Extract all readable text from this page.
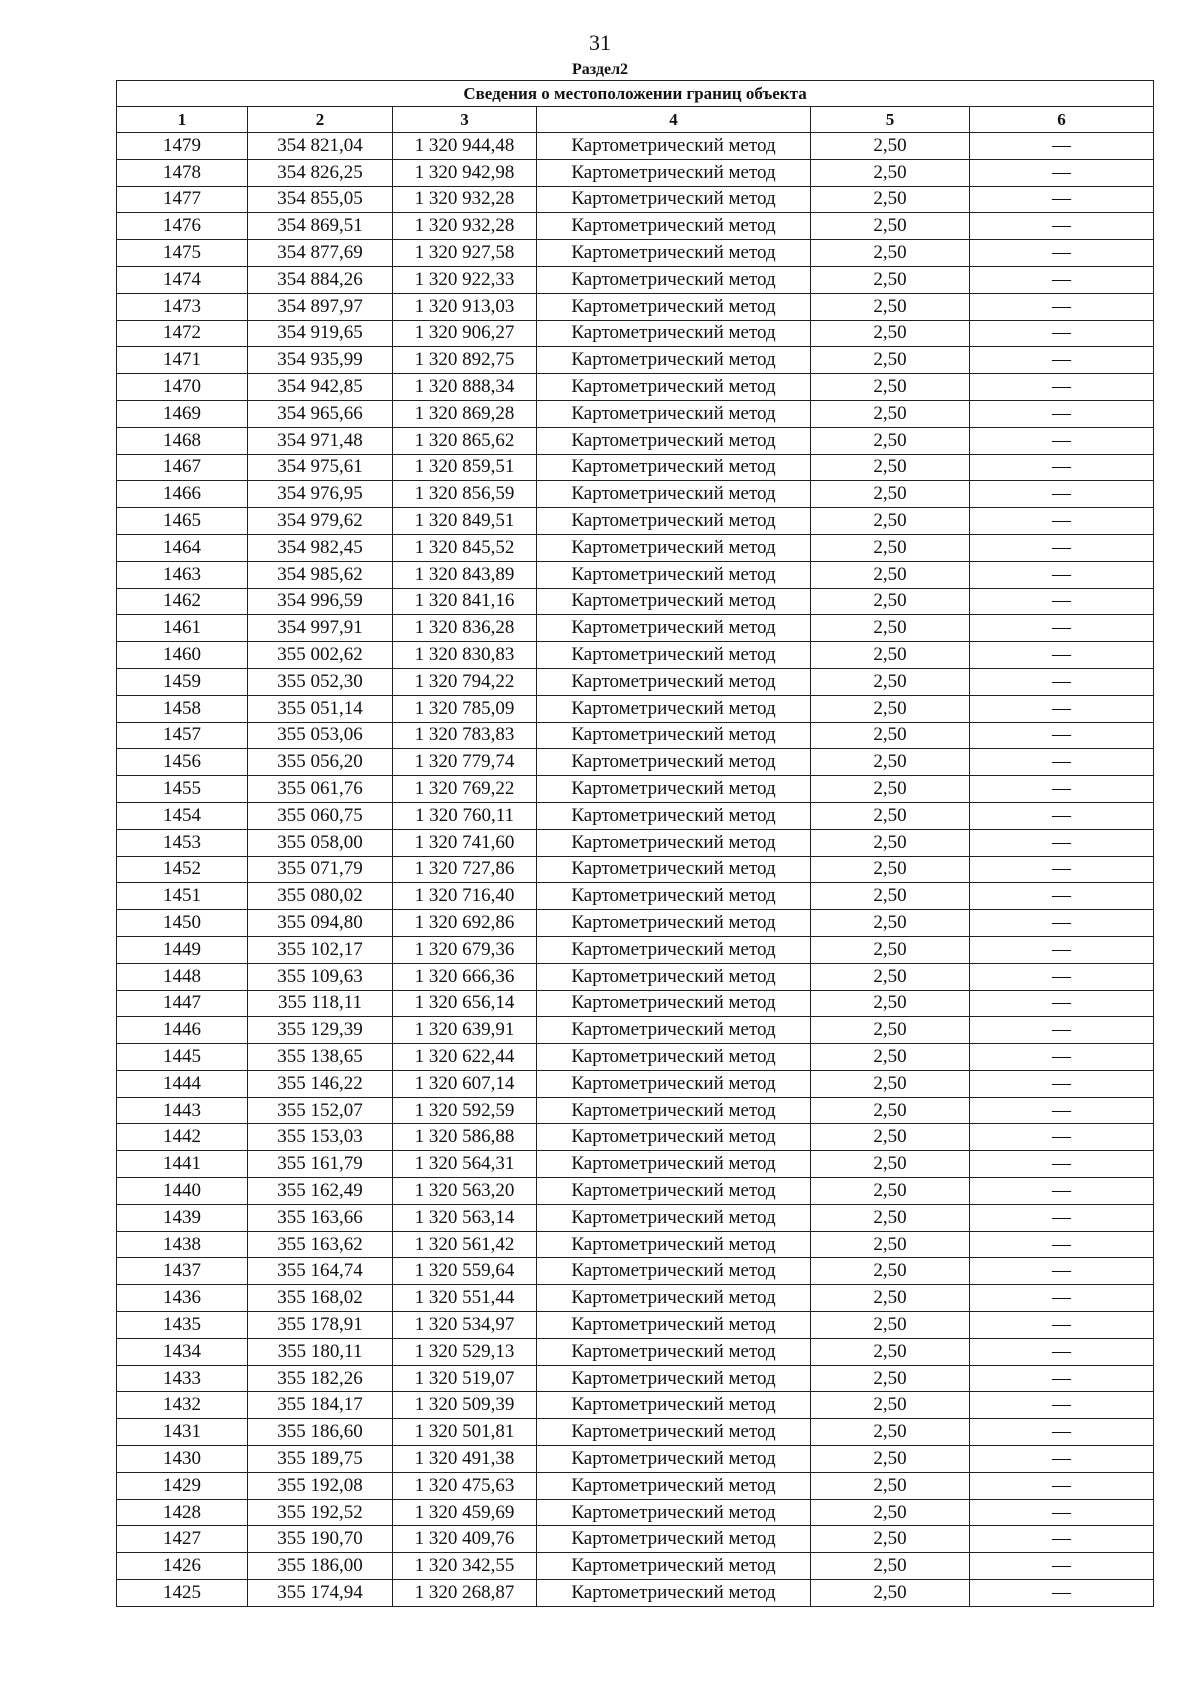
31
Раздел2
Сведения о местоположении границ объекта					
1	2	3	4	5	6
1479	354 821,04	1 320 944,48	Картометрический метод	2,50	—
1478	354 826,25	1 320 942,98	Картометрический метод	2,50	—
1477	354 855,05	1 320 932,28	Картометрический метод	2,50	—
1476	354 869,51	1 320 932,28	Картометрический метод	2,50	—
1475	354 877,69	1 320 927,58	Картометрический метод	2,50	—
1474	354 884,26	1 320 922,33	Картометрический метод	2,50	—
1473	354 897,97	1 320 913,03	Картометрический метод	2,50	—
1472	354 919,65	1 320 906,27	Картометрический метод	2,50	—
1471	354 935,99	1 320 892,75	Картометрический метод	2,50	—
1470	354 942,85	1 320 888,34	Картометрический метод	2,50	—
1469	354 965,66	1 320 869,28	Картометрический метод	2,50	—
1468	354 971,48	1 320 865,62	Картометрический метод	2,50	—
1467	354 975,61	1 320 859,51	Картометрический метод	2,50	—
1466	354 976,95	1 320 856,59	Картометрический метод	2,50	—
1465	354 979,62	1 320 849,51	Картометрический метод	2,50	—
1464	354 982,45	1 320 845,52	Картометрический метод	2,50	—
1463	354 985,62	1 320 843,89	Картометрический метод	2,50	—
1462	354 996,59	1 320 841,16	Картометрический метод	2,50	—
1461	354 997,91	1 320 836,28	Картометрический метод	2,50	—
1460	355 002,62	1 320 830,83	Картометрический метод	2,50	—
1459	355 052,30	1 320 794,22	Картометрический метод	2,50	—
1458	355 051,14	1 320 785,09	Картометрический метод	2,50	—
1457	355 053,06	1 320 783,83	Картометрический метод	2,50	—
1456	355 056,20	1 320 779,74	Картометрический метод	2,50	—
1455	355 061,76	1 320 769,22	Картометрический метод	2,50	—
1454	355 060,75	1 320 760,11	Картометрический метод	2,50	—
1453	355 058,00	1 320 741,60	Картометрический метод	2,50	—
1452	355 071,79	1 320 727,86	Картометрический метод	2,50	—
1451	355 080,02	1 320 716,40	Картометрический метод	2,50	—
1450	355 094,80	1 320 692,86	Картометрический метод	2,50	—
1449	355 102,17	1 320 679,36	Картометрический метод	2,50	—
1448	355 109,63	1 320 666,36	Картометрический метод	2,50	—
1447	355 118,11	1 320 656,14	Картометрический метод	2,50	—
1446	355 129,39	1 320 639,91	Картометрический метод	2,50	—
1445	355 138,65	1 320 622,44	Картометрический метод	2,50	—
1444	355 146,22	1 320 607,14	Картометрический метод	2,50	—
1443	355 152,07	1 320 592,59	Картометрический метод	2,50	—
1442	355 153,03	1 320 586,88	Картометрический метод	2,50	—
1441	355 161,79	1 320 564,31	Картометрический метод	2,50	—
1440	355 162,49	1 320 563,20	Картометрический метод	2,50	—
1439	355 163,66	1 320 563,14	Картометрический метод	2,50	—
1438	355 163,62	1 320 561,42	Картометрический метод	2,50	—
1437	355 164,74	1 320 559,64	Картометрический метод	2,50	—
1436	355 168,02	1 320 551,44	Картометрический метод	2,50	—
1435	355 178,91	1 320 534,97	Картометрический метод	2,50	—
1434	355 180,11	1 320 529,13	Картометрический метод	2,50	—
1433	355 182,26	1 320 519,07	Картометрический метод	2,50	—
1432	355 184,17	1 320 509,39	Картометрический метод	2,50	—
1431	355 186,60	1 320 501,81	Картометрический метод	2,50	—
1430	355 189,75	1 320 491,38	Картометрический метод	2,50	—
1429	355 192,08	1 320 475,63	Картометрический метод	2,50	—
1428	355 192,52	1 320 459,69	Картометрический метод	2,50	—
1427	355 190,70	1 320 409,76	Картометрический метод	2,50	—
1426	355 186,00	1 320 342,55	Картометрический метод	2,50	—
1425	355 174,94	1 320 268,87	Картометрический метод	2,50	—
